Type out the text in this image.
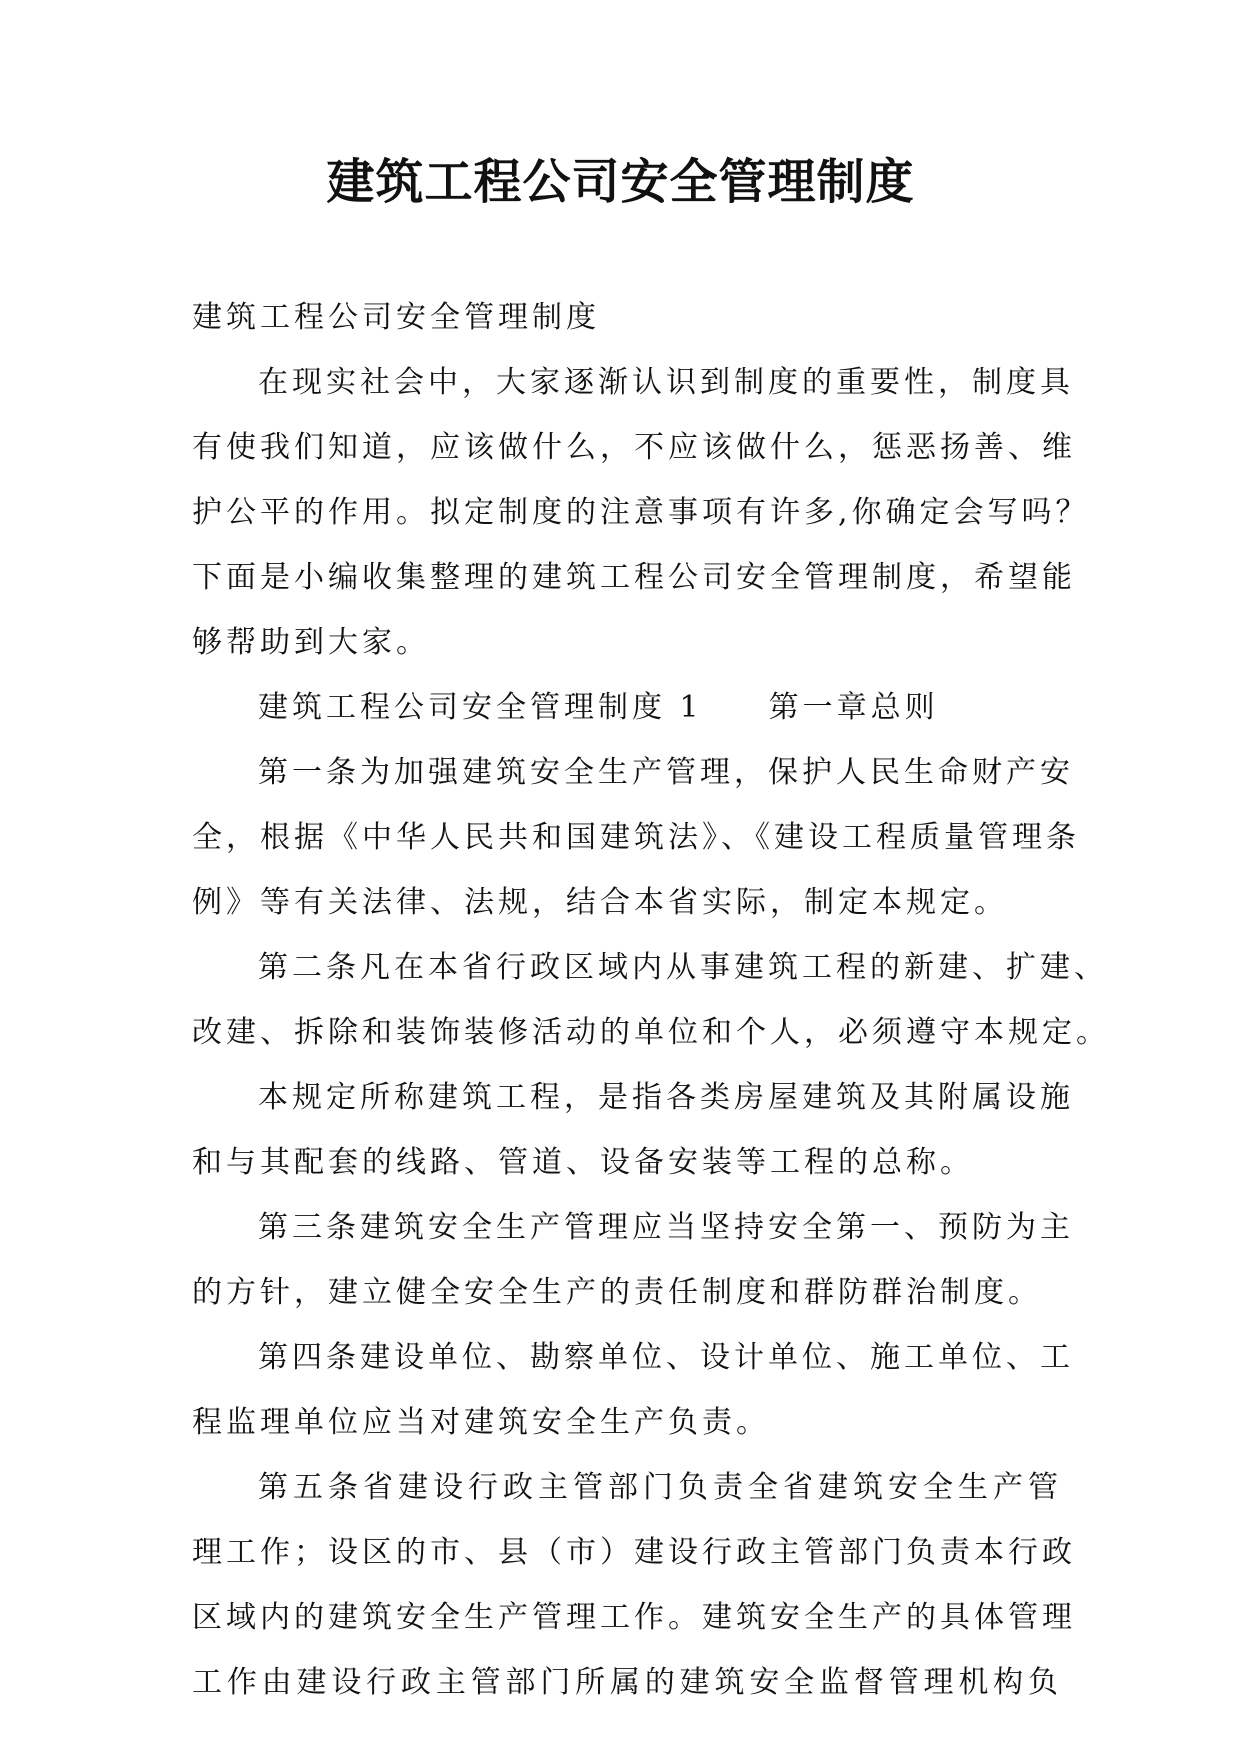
建筑工程公司安全管理制度
建筑工程公司安全管理制度
在现实社会中，大家逐渐认识到制度的重要性，制度具
有使我们知道，应该做什么，不应该做什么，惩恶扬善、维
护公平的作用。拟定制度的注意事项有许多,你确定会写吗？
下面是小编收集整理的建筑工程公司安全管理制度，希望能
够帮助到大家。
建筑工程公司安全管理制度 1 第一章总则
第一条为加强建筑安全生产管理，保护人民生命财产安
全，根据《中华人民共和国建筑法》、《建设工程质量管理条
例》等有关法律、法规，结合本省实际，制定本规定。
第二条凡在本省行政区域内从事建筑工程的新建、扩建、
改建、拆除和装饰装修活动的单位和个人，必须遵守本规定。
本规定所称建筑工程，是指各类房屋建筑及其附属设施
和与其配套的线路、管道、设备安装等工程的总称。
第三条建筑安全生产管理应当坚持安全第一、预防为主
的方针，建立健全安全生产的责任制度和群防群治制度。
第四条建设单位、勘察单位、设计单位、施工单位、工
程监理单位应当对建筑安全生产负责。
第五条省建设行政主管部门负责全省建筑安全生产管
理工作；设区的市、县（市）建设行政主管部门负责本行政
区域内的建筑安全生产管理工作。建筑安全生产的具体管理
工作由建设行政主管部门所属的建筑安全监督管理机构负
